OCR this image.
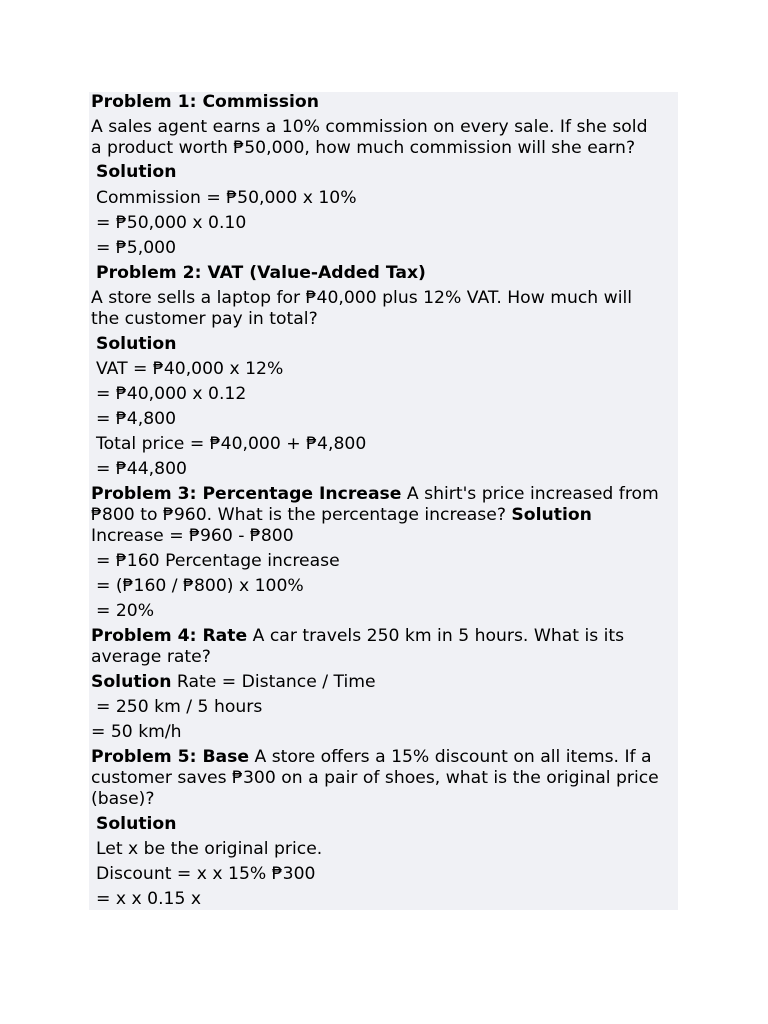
Problem 1: Commission
A sales agent earns a 10% commission on every sale. If she sold
a product worth ₱50,000, how much commission will she earn?
Solution
Commission = ₱50,000 x 10%
= ₱50,000 x 0.10
= ₱5,000
Problem 2: VAT (Value-Added Tax)
A store sells a laptop for ₱40,000 plus 12% VAT. How much will
the customer pay in total?
Solution
VAT = ₱40,000 x 12%
= ₱40,000 x 0.12
= ₱4,800
Total price = ₱40,000 + ₱4,800
= ₱44,800
Problem 3: Percentage Increase A shirt's price increased from
₱800 to ₱960. What is the percentage increase? Solution
Increase = ₱960 - ₱800
= ₱160 Percentage increase
= (₱160 / ₱800) x 100%
= 20%
Problem 4: Rate A car travels 250 km in 5 hours. What is its
average rate?
Solution Rate = Distance / Time
= 250 km / 5 hours
= 50 km/h
Problem 5: Base A store offers a 15% discount on all items. If a
customer saves ₱300 on a pair of shoes, what is the original price
(base)?
Solution
Let x be the original price.
Discount = x x 15% ₱300
= x x 0.15 x
